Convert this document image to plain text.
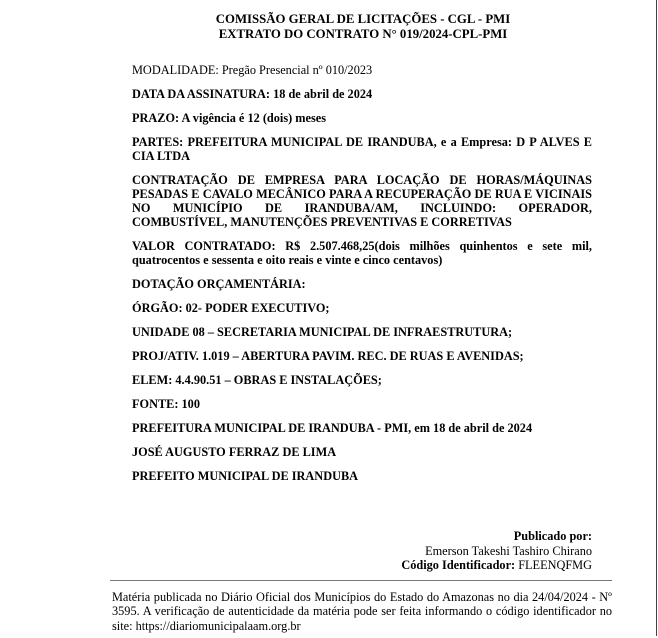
COMISSÃO GERAL DE LICITAÇÕES - CGL - PMI
EXTRATO DO CONTRATO N° 019/2024-CPL-PMI
MODALIDADE: Pregão Presencial nº 010/2023
DATA DA ASSINATURA: 18 de abril de 2024
PRAZO: A vigência é 12 (dois) meses
PARTES: PREFEITURA MUNICIPAL DE IRANDUBA, e a Empresa: D P ALVES E CIA LTDA
CONTRATAÇÃO DE EMPRESA PARA LOCAÇÃO DE HORAS/MÁQUINAS PESADAS E CAVALO MECÂNICO PARA A RECUPERAÇÃO DE RUA E VICINAIS NO MUNICÍPIO DE IRANDUBA/AM, INCLUINDO: OPERADOR, COMBUSTÍVEL, MANUTENÇÕES PREVENTIVAS E CORRETIVAS
VALOR CONTRATADO: R$ 2.507.468,25(dois milhões quinhentos e sete mil, quatrocentos e sessenta e oito reais e vinte e cinco centavos)
DOTAÇÃO ORÇAMENTÁRIA:
ÓRGÃO: 02- PODER EXECUTIVO;
UNIDADE 08 – SECRETARIA MUNICIPAL DE INFRAESTRUTURA;
PROJ/ATIV. 1.019 – ABERTURA PAVIM. REC. DE RUAS E AVENIDAS;
ELEM: 4.4.90.51 – OBRAS E INSTALAÇÕES;
FONTE: 100
PREFEITURA MUNICIPAL DE IRANDUBA - PMI, em 18 de abril de 2024
JOSÉ AUGUSTO FERRAZ DE LIMA
PREFEITO MUNICIPAL DE IRANDUBA
Publicado por:
Emerson Takeshi Tashiro Chirano
Código Identificador: FLEENQFMG
Matéria publicada no Diário Oficial dos Municípios do Estado do Amazonas no dia 24/04/2024 - Nº 3595. A verificação de autenticidade da matéria pode ser feita informando o código identificador no site: https://diariomunicipalaam.org.br
